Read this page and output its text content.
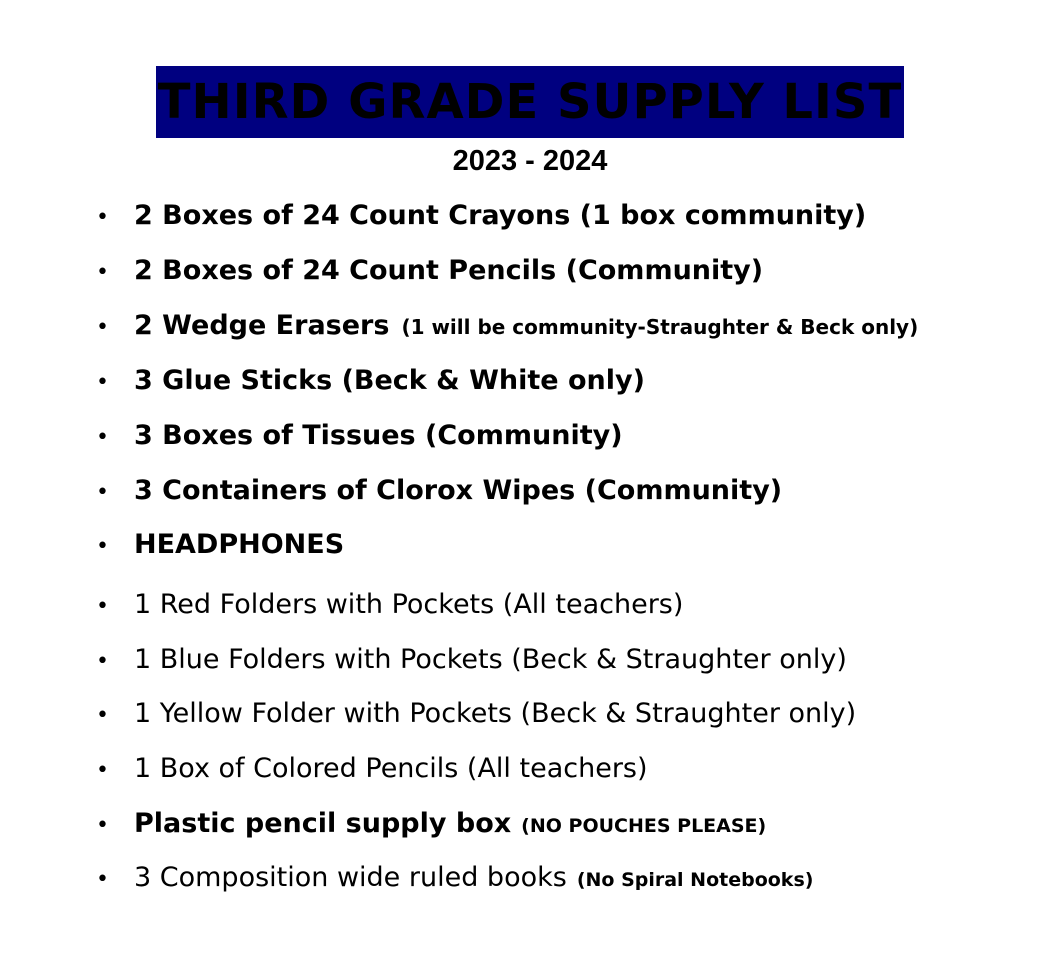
THIRD GRADE SUPPLY LIST
2023 - 2024
• 2 Boxes of 24 Count Crayons (1 box community)
• 2 Boxes of 24 Count Pencils (Community)
• 2 Wedge Erasers (1 will be community-Straughter & Beck only)
• 3 Glue Sticks (Beck & White only)
• 3 Boxes of Tissues (Community)
• 3 Containers of Clorox Wipes (Community)
• HEADPHONES
• 1 Red Folders with Pockets (All teachers)
• 1 Blue Folders with Pockets (Beck & Straughter only)
• 1 Yellow Folder with Pockets (Beck & Straughter only)
• 1 Box of Colored Pencils (All teachers)
• Plastic pencil supply box (NO POUCHES PLEASE)
• 3 Composition wide ruled books (No Spiral Notebooks)
